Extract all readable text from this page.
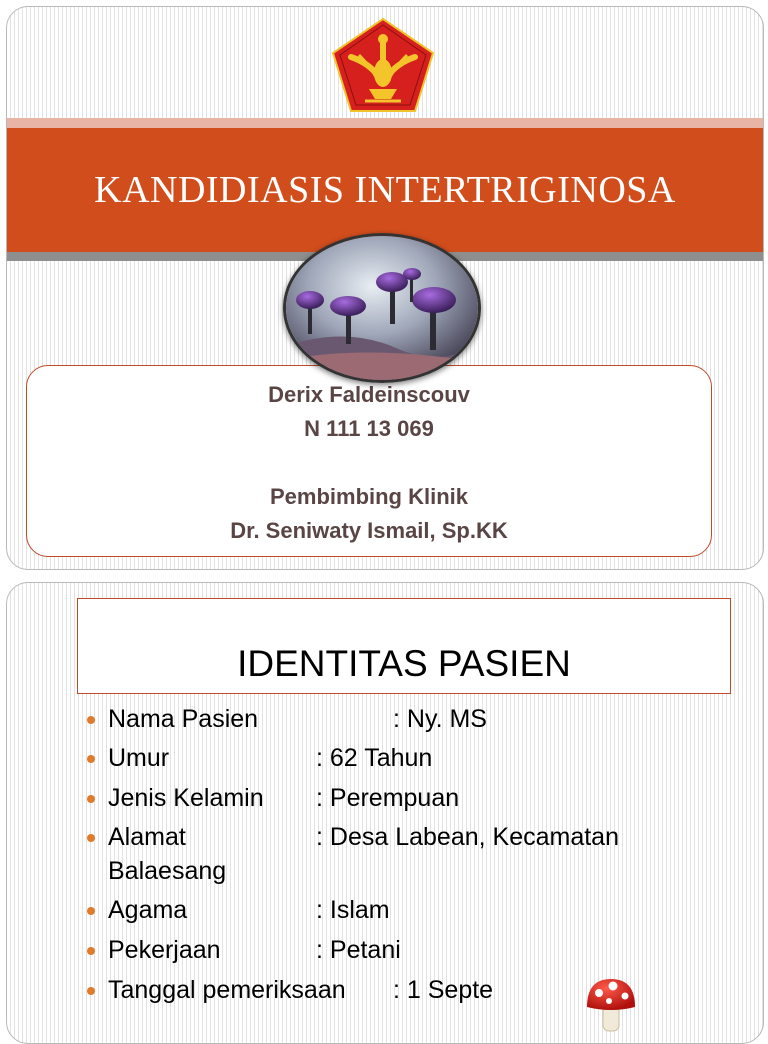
KANDIDIASIS INTERTRIGINOSA
Derix Faldeinscouv
N 111 13 069
Pembimbing Klinik
Dr. Seniwaty Ismail, Sp.KK
IDENTITAS PASIEN
Nama Pasien	: Ny. MS
Umur	: 62 Tahun
Jenis Kelamin : Perempuan
Alamat	: Desa Labean, Kecamatan
Balaesang
Agama	: Islam
Pekerjaan	: Petani
Tanggal pemeriksaan : 1 Septe
